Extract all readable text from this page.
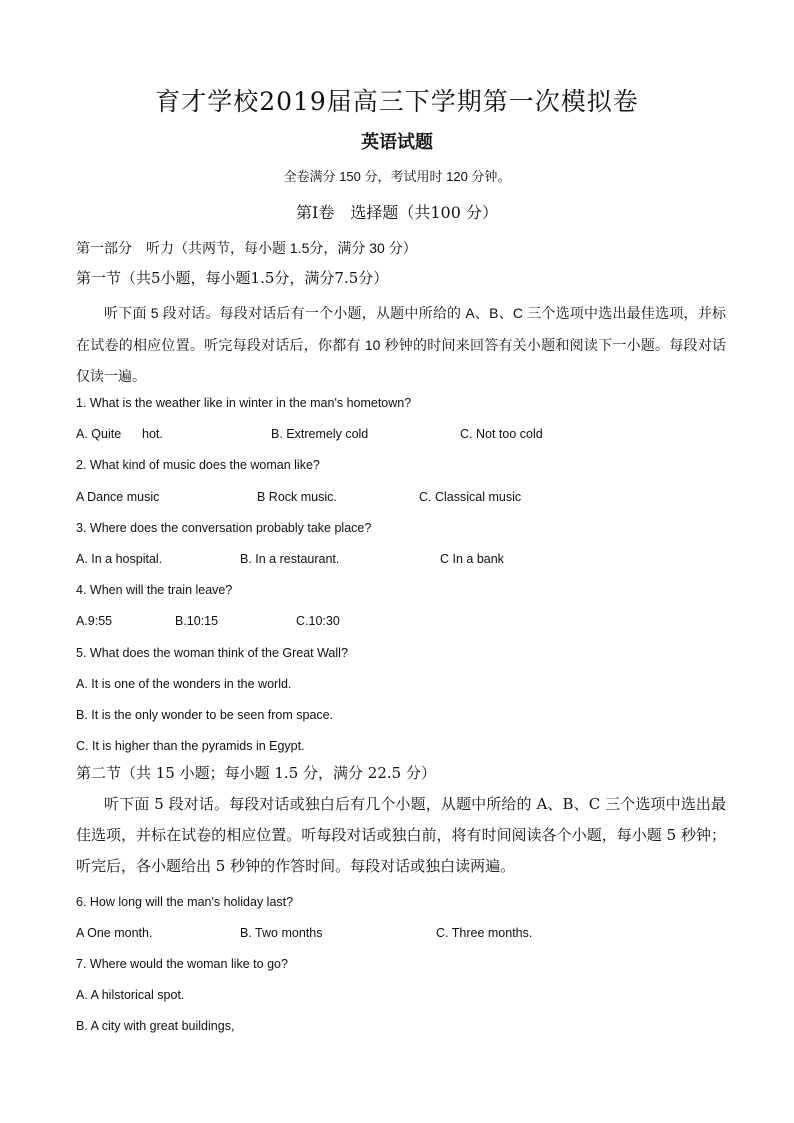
育才学校2019届高三下学期第一次模拟卷
英语试题
全卷满分 150 分，考试用时 120 分钟。
第Ⅰ卷　选择题（共100 分）
第一部分　听力（共两节，每小题 1.5分，满分 30 分）
第一节（共5小题，每小题1.5分，满分7.5分）

听下面 5 段对话。每段对话后有一个小题，从题中所给的 A、B、C 三个选项中选出最佳选项，并标在试卷的相应位置。听完每段对话后，你都有 10 秒钟的时间来回答有关小题和阅读下一小题。每段对话仅读一遍。

1. What is the weather like in winter in the man's hometown?
A. Quite      hot.	B. Extremely cold	C. Not too cold
2. What kind of music does the woman like?
A Dance music	B Rock music.	C. Classical music
3. Where does the conversation probably take place?
A. In a hospital.	B. In a restaurant.	C In a bank
4. When will the train leave?
A.9:55	B.10:15	C.10:30
5. What does the woman think of the Great Wall?
A. It is one of the wonders in the world.
B. It is the only wonder to be seen from space.
C. It is higher than the pyramids in Egypt.
第二节（共 15 小题；每小题 1.5 分，满分 22.5 分）

听下面 5 段对话。每段对话或独白后有几个小题，从题中所给的 A、B、C 三个选项中选出最佳选项，并标在试卷的相应位置。听每段对话或独白前，将有时间阅读各个小题，每小题 5 秒钟；听完后，各小题给出 5 秒钟的作答时间。每段对话或独白读两遍。

6. How long will the man's holiday last?
A One month.	B. Two months	C. Three months.
7. Where would the woman like to go?
A. A hilstorical spot.
B. A city with great buildings,
